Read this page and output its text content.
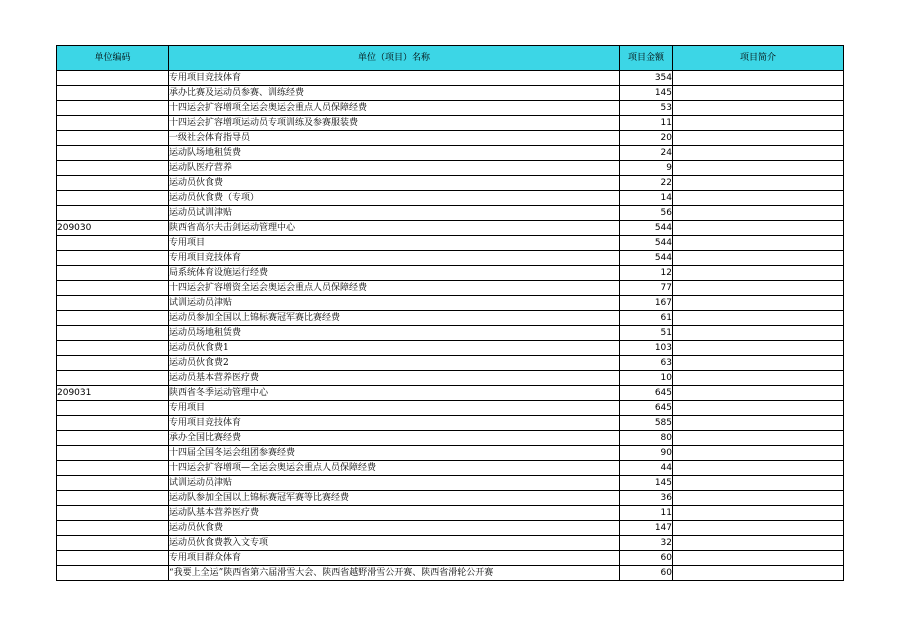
单位编码	单位（项目）名称	项目金额	项目简介
	专用项目竞技体育	354	
	承办比赛及运动员参赛、训练经费	145	
	十四运会扩容增项全运会奥运会重点人员保障经费	53	
	十四运会扩容增项运动员专项训练及参赛服装费	11	
	一级社会体育指导员	20	
	运动队场地租赁费	24	
	运动队医疗营养	9	
	运动员伙食费	22	
	运动员伙食费（专项）	14	
	运动员试训津贴	56	
209030	陕西省高尔夫击剑运动管理中心	544	
	专用项目	544	
	专用项目竞技体育	544	
	局系统体育设施运行经费	12	
	十四运会扩容增资全运会奥运会重点人员保障经费	77	
	试训运动员津贴	167	
	运动员参加全国以上锦标赛冠军赛比赛经费	61	
	运动员场地租赁费	51	
	运动员伙食费1	103	
	运动员伙食费2	63	
	运动员基本营养医疗费	10	
209031	陕西省冬季运动管理中心	645	
	专用项目	645	
	专用项目竞技体育	585	
	承办全国比赛经费	80	
	十四届全国冬运会组团参赛经费	90	
	十四运会扩容增项—全运会奥运会重点人员保障经费	44	
	试训运动员津贴	145	
	运动队参加全国以上锦标赛冠军赛等比赛经费	36	
	运动队基本营养医疗费	11	
	运动员伙食费	147	
	运动员伙食费教入文专项	32	
	专用项目群众体育	60	
	“我要上全运”陕西省第六届滑雪大会、陕西省越野滑雪公开赛、陕西省滑轮公开赛	60	
